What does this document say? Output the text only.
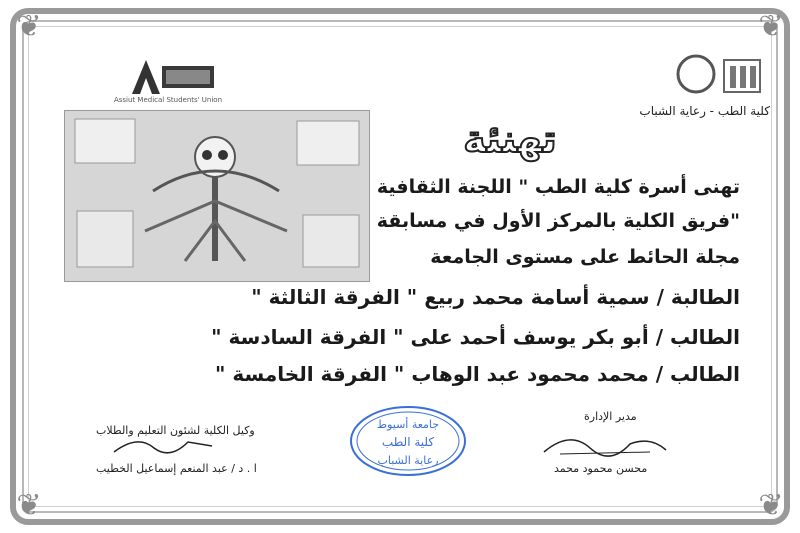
❦	❦
❦	❦
Assiut Medical Students' Union
كلية الطب - رعاية الشباب
تهنئة
تهنى أسرة كلية الطب " اللجنة الثقافية
"فريق الكلية بالمركز الأول في مسابقة
مجلة الحائط على مستوى الجامعة
الطالبة / سمية أسامة محمد ربيع " الفرقة الثالثة "
الطالب / أبو بكر يوسف أحمد على " الفرقة السادسة "
الطالب / محمد محمود عبد الوهاب " الفرقة الخامسة "
مدير الإدارة
محسن محمود محمد
وكيل الكلية لشئون التعليم والطلاب
ا . د / عبد المنعم إسماعيل الخطيب
جامعة أسيوط
كلية الطب
رعاية الشباب
